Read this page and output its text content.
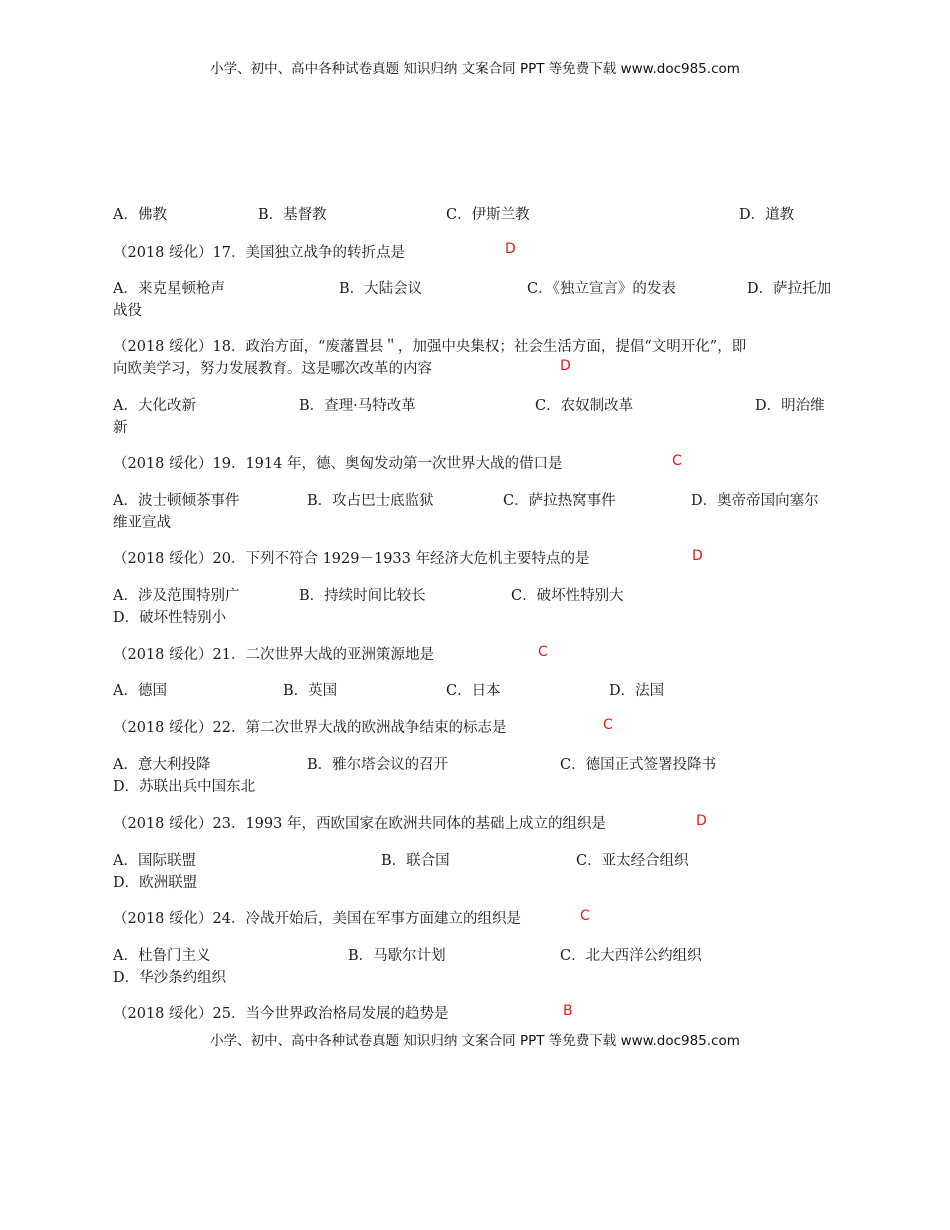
小学、初中、高中各种试卷真题 知识归纳 文案合同 PPT 等免费下载 www.doc985.com
A．佛教	B．基督教	C．伊斯兰教	D．道教
（2018 绥化）17．美国独立战争的转折点是	D
A．来克星顿枪声	B．大陆会议	C．《独立宣言》的发表	D．萨拉托加
战役
（2018 绥化）18．政治方面，“废藩置县＂，加强中央集权；社会生活方面，提倡“文明开化”，即
向欧美学习，努力发展教育。这是哪次改革的内容	D
A．大化改新	B．查理·马特改革	C．农奴制改革	D．明治维
新
（2018 绥化）19．1914 年，德、奥匈发动第一次世界大战的借口是	C
A．波士顿倾茶事件	B．攻占巴士底监狱	C．萨拉热窝事件	D．奥帝帝国向塞尔
维亚宣战
（2018 绥化）20．下列不符合 1929－1933 年经济大危机主要特点的是	D
A．涉及范围特别广	B．持续时间比较长	C．破坏性特别大
D．破坏性特别小
（2018 绥化）21．二次世界大战的亚洲策源地是	C
A．德国	B．英国	C．日本	D．法国
（2018 绥化）22．第二次世界大战的欧洲战争结束的标志是	C
A．意大利投降	B．雅尔塔会议的召开	C．德国正式签署投降书
D．苏联出兵中国东北
（2018 绥化）23．1993 年，西欧国家在欧洲共同体的基础上成立的组织是	D
A．国际联盟	B．联合国	C．亚太经合组织
D．欧洲联盟
（2018 绥化）24．冷战开始后，美国在军事方面建立的组织是	C
A．杜鲁门主义	B．马歇尔计划	C．北大西洋公约组织
D．华沙条约组织
（2018 绥化）25．当今世界政治格局发展的趋势是	B
小学、初中、高中各种试卷真题 知识归纳 文案合同 PPT 等免费下载 www.doc985.com
